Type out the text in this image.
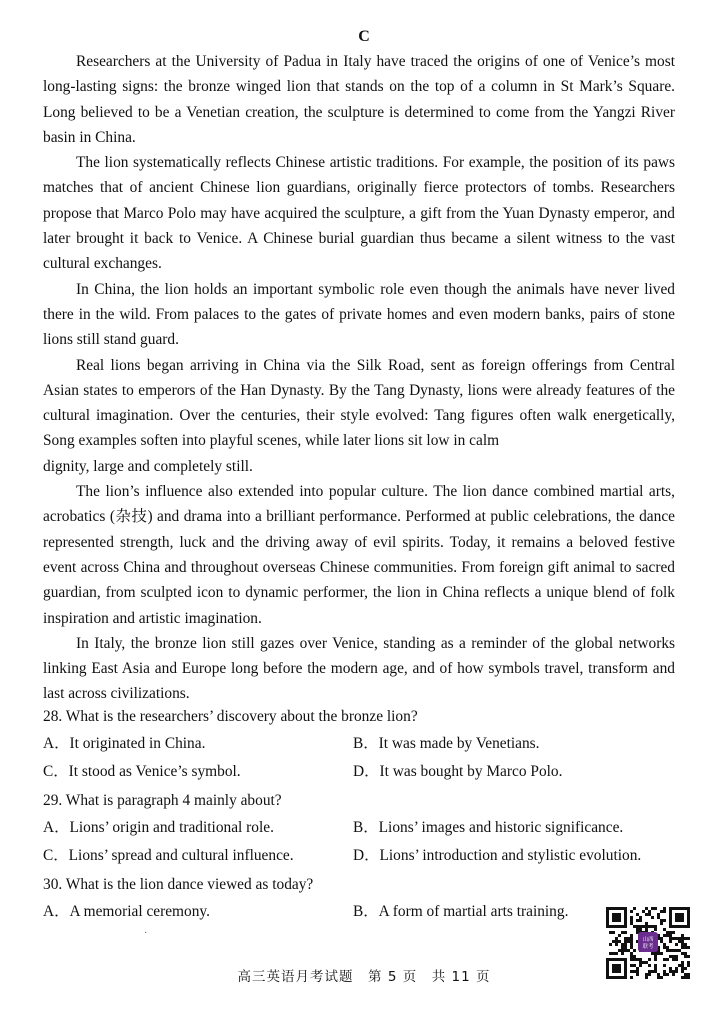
C

Researchers at the University of Padua in Italy have traced the origins of one of Venice’s most long-lasting signs: the bronze winged lion that stands on the top of a column in St Mark’s Square. Long believed to be a Venetian creation, the sculpture is determined to come from the Yangzi River basin in China.

The lion systematically reflects Chinese artistic traditions. For example, the position of its paws matches that of ancient Chinese lion guardians, originally fierce protectors of tombs. Researchers propose that Marco Polo may have acquired the sculpture, a gift from the Yuan Dynasty emperor, and later brought it back to Venice. A Chinese burial guardian thus became a silent witness to the vast cultural exchanges.

In China, the lion holds an important symbolic role even though the animals have never lived there in the wild. From palaces to the gates of private homes and even modern banks, pairs of stone lions still stand guard.

Real lions began arriving in China via the Silk Road, sent as foreign offerings from Central Asian states to emperors of the Han Dynasty. By the Tang Dynasty, lions were already features of the cultural imagination. Over the centuries, their style evolved: Tang figures often walk energetically, Song examples soften into playful scenes, while later lions sit low in calm

dignity, large and completely still.

The lion’s influence also extended into popular culture. The lion dance combined martial arts, acrobatics (杂技) and drama into a brilliant performance. Performed at public celebrations, the dance represented strength, luck and the driving away of evil spirits. Today, it remains a beloved festive event across China and throughout overseas Chinese communities. From foreign gift animal to sacred guardian, from sculpted icon to dynamic performer, the lion in China reflects a unique blend of folk inspiration and artistic imagination.

In Italy, the bronze lion still gazes over Venice, standing as a reminder of the global networks linking East Asia and Europe long before the modern age, and of how symbols travel, transform and last across civilizations.

28. What is the researchers’ discovery about the bronze lion?
A．It originated in China.	B．It was made by Venetians.
C．It stood as Venice’s symbol.	D．It was bought by Marco Polo.
29. What is paragraph 4 mainly about?
A．Lions’ origin and traditional role.	B．Lions’ images and historic significance.
C．Lions’ spread and cultural influence.	D．Lions’ introduction and stylistic evolution.
30. What is the lion dance viewed as today?
A．A memorial ceremony.	B．A form of martial arts training.
·
高三英语月考试题　第 5 页　共 11 页
山西
联考
